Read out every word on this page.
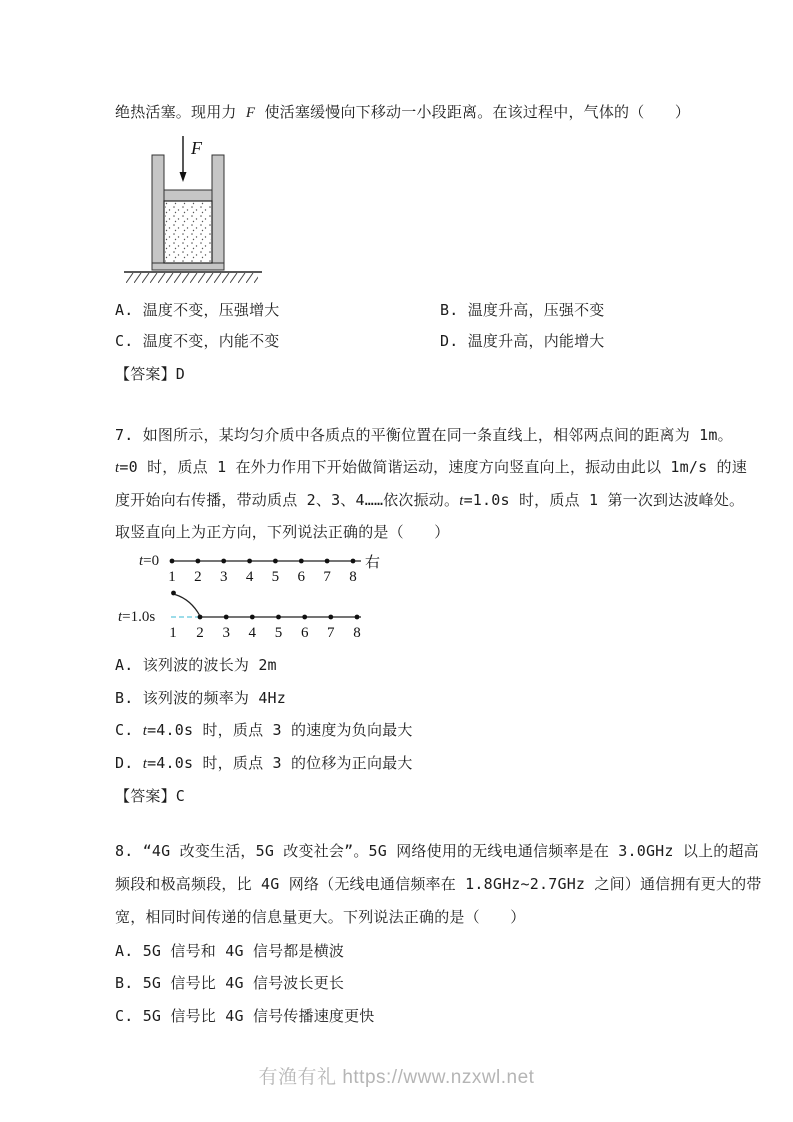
绝热活塞。现用力 F 使活塞缓慢向下移动一小段距离。在该过程中，气体的（　　）
F
A. 温度不变，压强增大	B. 温度升高，压强不变
C. 温度不变，内能不变	D. 温度升高，内能增大
【答案】D
7. 如图所示，某均匀介质中各质点的平衡位置在同一条直线上，相邻两点间的距离为 1m。
t=0 时，质点 1 在外力作用下开始做简谐运动，速度方向竖直向上，振动由此以 1m/s 的速
度开始向右传播，带动质点 2、3、4……依次振动。t=1.0s 时，质点 1 第一次到达波峰处。
取竖直向上为正方向，下列说法正确的是（　　）
1 2 3 4 5 6 7 8
右
1 2 3 4 5 6 7 8
t=0
t=1.0s
A. 该列波的波长为 2m
B. 该列波的频率为 4Hz
C. t=4.0s 时，质点 3 的速度为负向最大
D. t=4.0s 时，质点 3 的位移为正向最大
【答案】C
8. “4G 改变生活，5G 改变社会”。5G 网络使用的无线电通信频率是在 3.0GHz 以上的超高
频段和极高频段，比 4G 网络（无线电通信频率在 1.8GHz~2.7GHz 之间）通信拥有更大的带
宽，相同时间传递的信息量更大。下列说法正确的是（　　）
A. 5G 信号和 4G 信号都是横波
B. 5G 信号比 4G 信号波长更长
C. 5G 信号比 4G 信号传播速度更快
有渔有礼 https://www.nzxwl.net
